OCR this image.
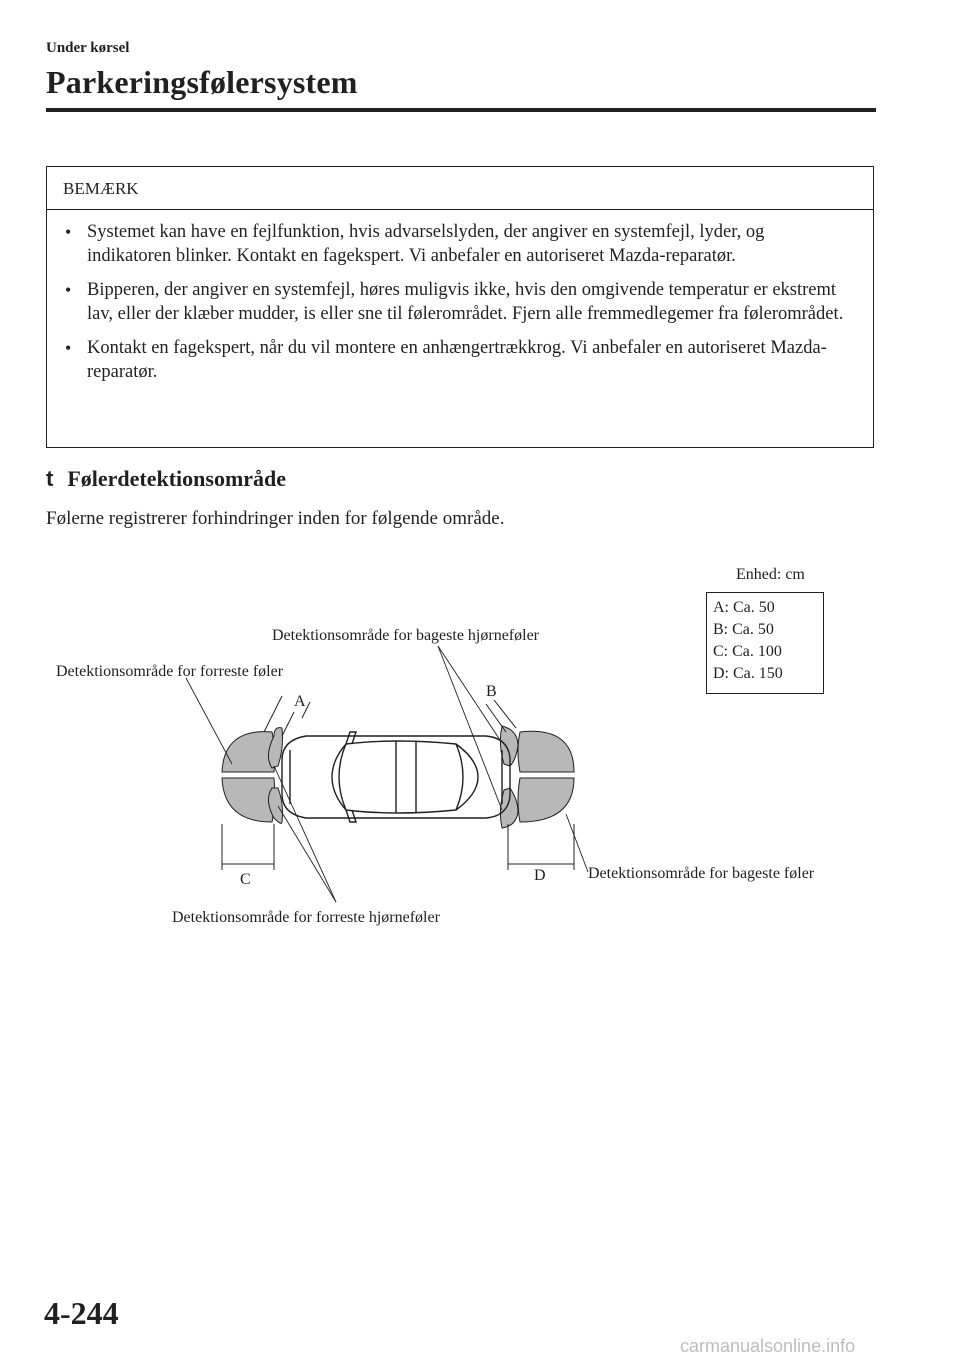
Under kørsel
Parkeringsfølersystem
BEMÆRK
• Systemet kan have en fejlfunktion, hvis advarselslyden, der angiver en systemfejl, lyder, og indikatoren blinker. Kontakt en fagekspert. Vi anbefaler en autoriseret Mazda-reparatør.
• Bipperen, der angiver en systemfejl, høres muligvis ikke, hvis den omgivende temperatur er ekstremt lav, eller der klæber mudder, is eller sne til følerområdet. Fjern alle fremmedlegemer fra følerområdet.
• Kontakt en fagekspert, når du vil montere en anhængertrækkrog. Vi anbefaler en autoriseret Mazda-reparatør.
t Følerdetektionsområde
Følerne registrerer forhindringer inden for følgende område.
Enhed: cm
A: Ca. 50
B: Ca. 50
C: Ca. 100
D: Ca. 150
Detektionsområde for bageste hjørneføler
Detektionsområde for forreste føler
A
B
C	D	Detektionsområde for bageste føler
Detektionsområde for forreste hjørneføler
4-244
carmanualsonline.info
